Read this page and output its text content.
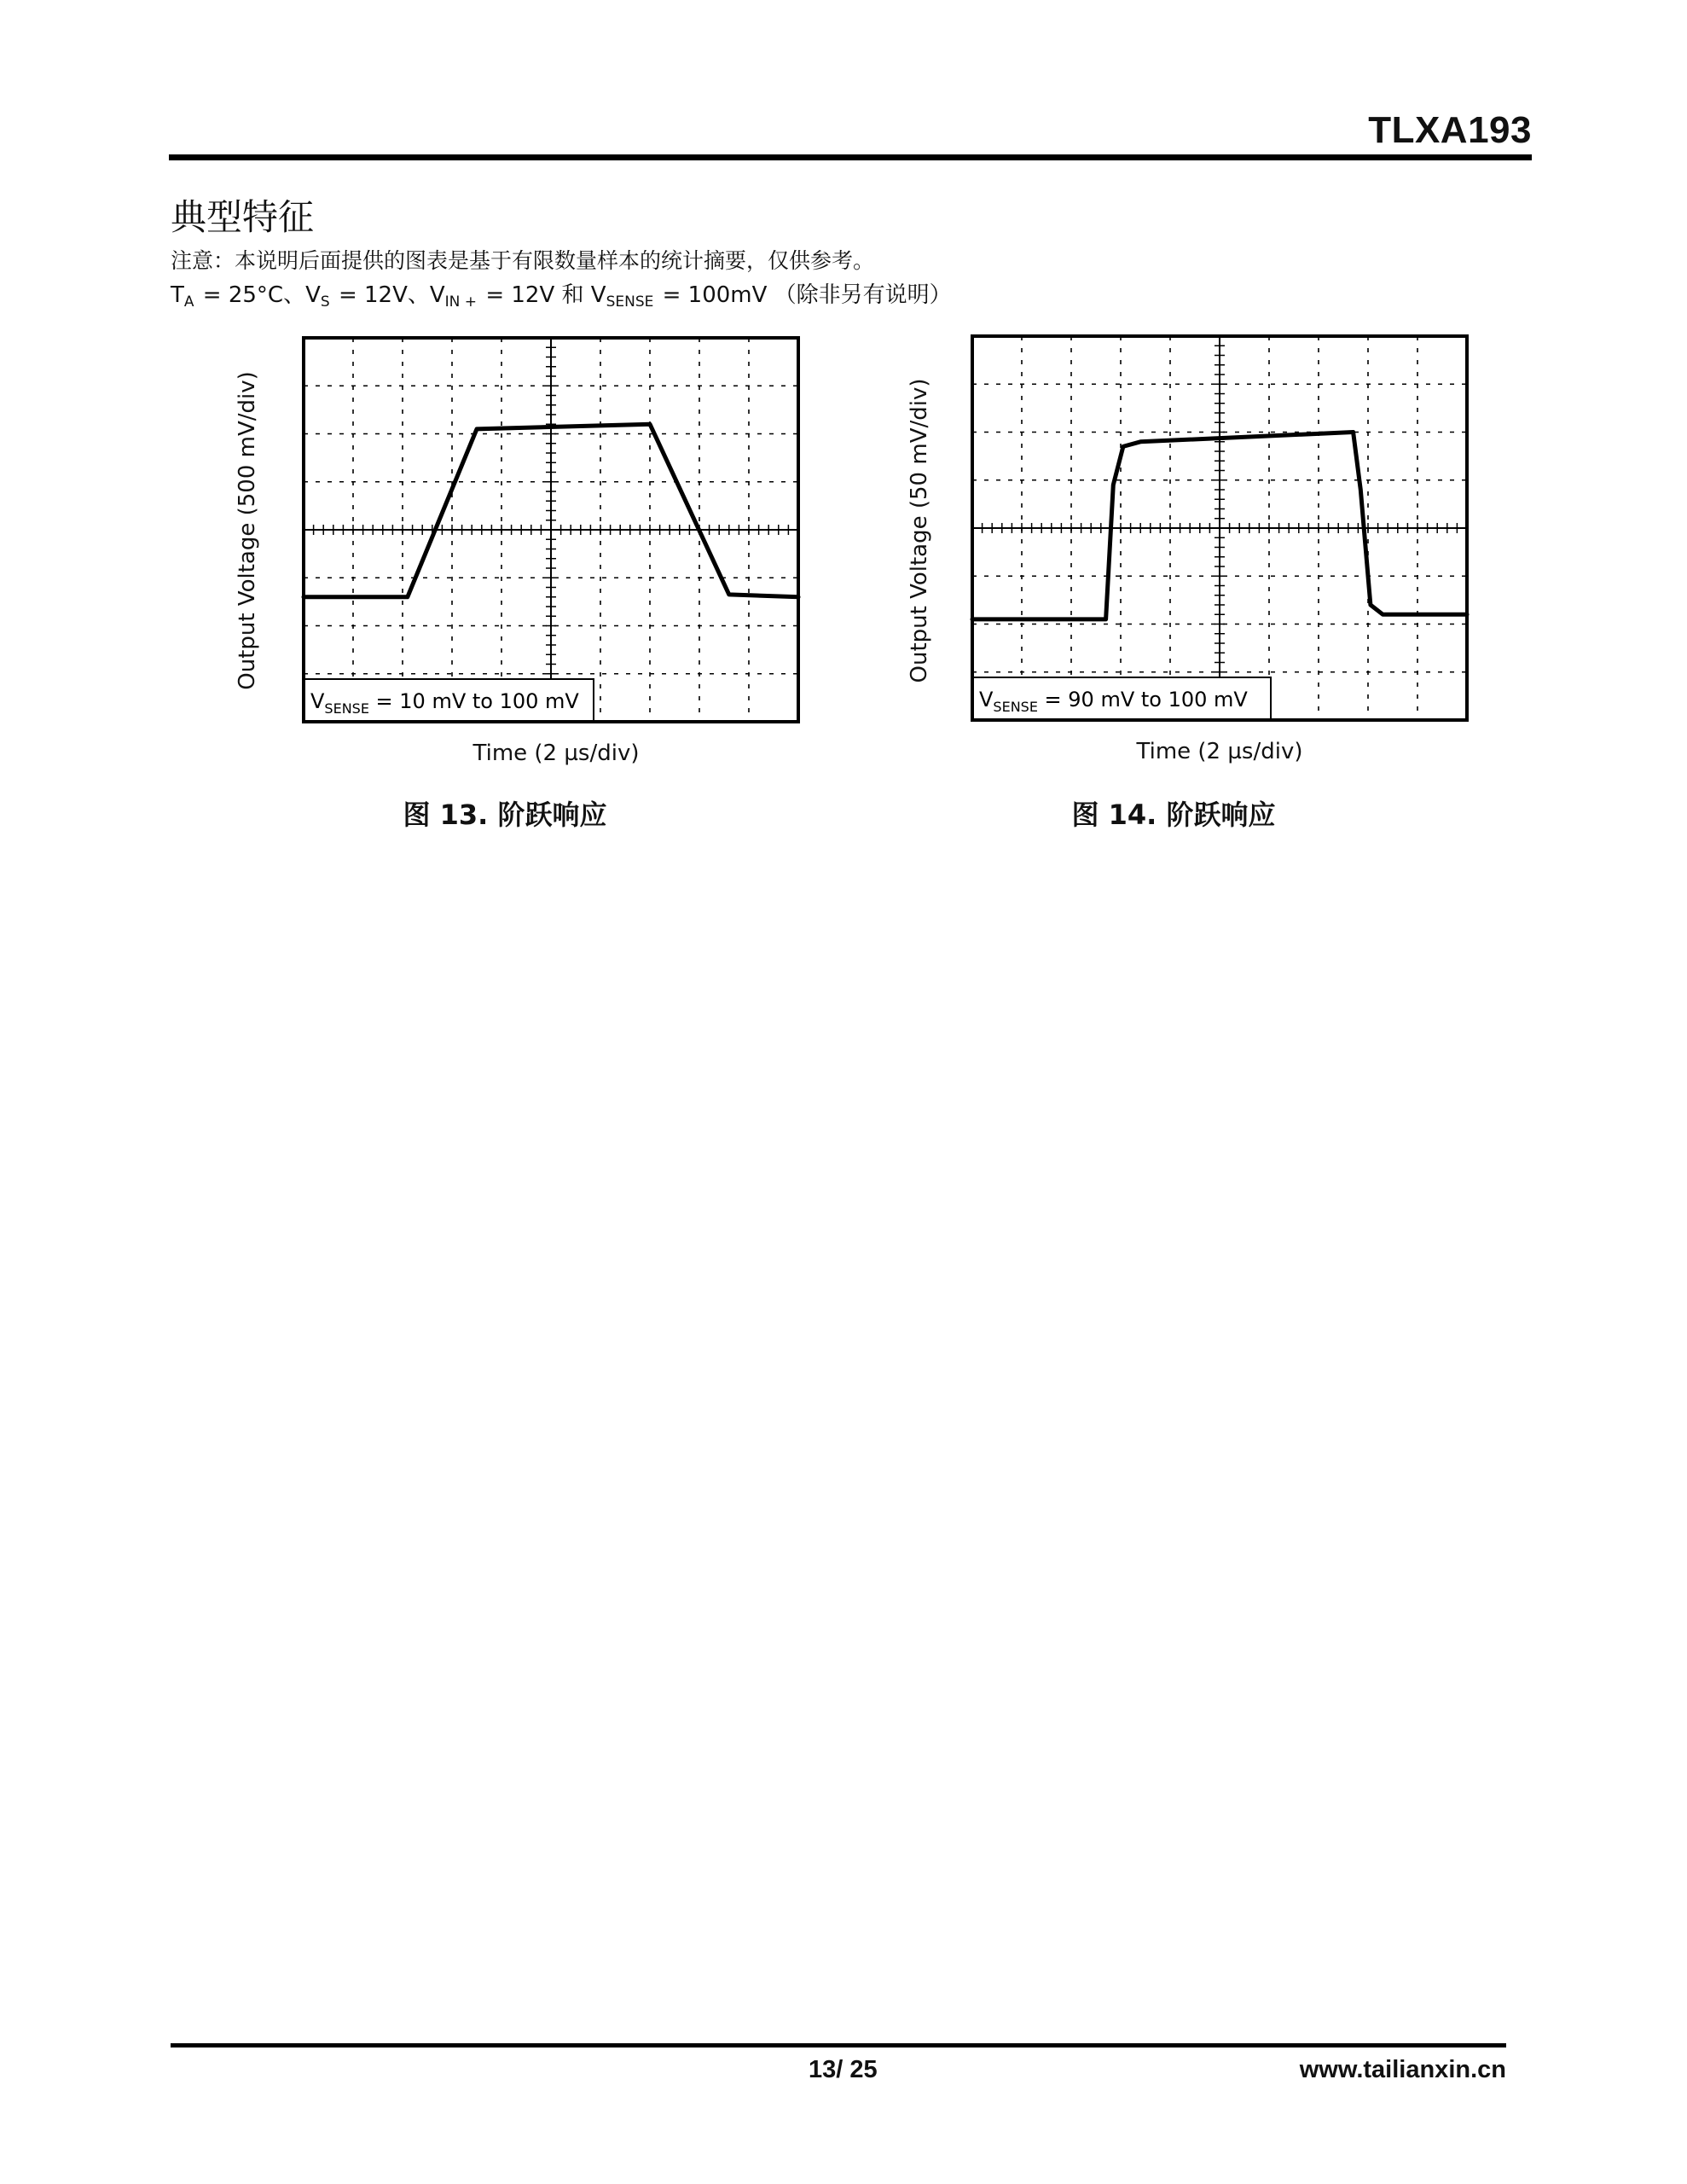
TLXA193
典型特征
注意：本说明后面提供的图表是基于有限数量样本的统计摘要，仅供参考。
$T_A = 25^\circ C$、$V_S = 12V$、$V_{IN +} = 12V$ 和 $V_{SENSE} = 100mV$ （除非另有说明）
Output Voltage (500 mV/div)
$V_{SENSE} = 10$ mV to 100 mV
Time (2 µs/div)
图 13. 阶跃响应
Output Voltage (50 mV/div)
$V_{SENSE} = 90$ mV to 100 mV
Time (2 µs/div)
图 14. 阶跃响应
13/ 25	www.tailianxin.cn
